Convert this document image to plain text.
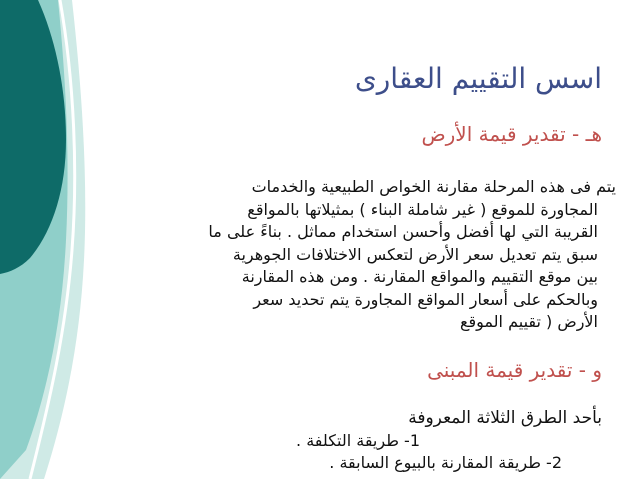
اسس التقييم العقارى
هـ - تقدير قيمة الأرض
يتم فى هذه المرحلة مقارنة الخواص الطبيعية والخدمات
المجاورة للموقع ( غير شاملة البناء ) بمثيلاتها بالمواقع
القريبة التي لها أفضل وأحسن استخدام مماثل . بناءً على ما
سبق يتم تعديل سعر الأرض لتعكس الاختلافات الجوهرية
بين موقع التقييم والمواقع المقارنة . ومن هذه المقارنة
وبالحكم على أسعار المواقع المجاورة يتم تحديد سعر
الأرض ( تقييم الموقع
و - تقدير قيمة المبنى
بأحد الطرق الثلاثة المعروفة
1- طريقة التكلفة .
2- طريقة المقارنة بالبيوع السابقة .
